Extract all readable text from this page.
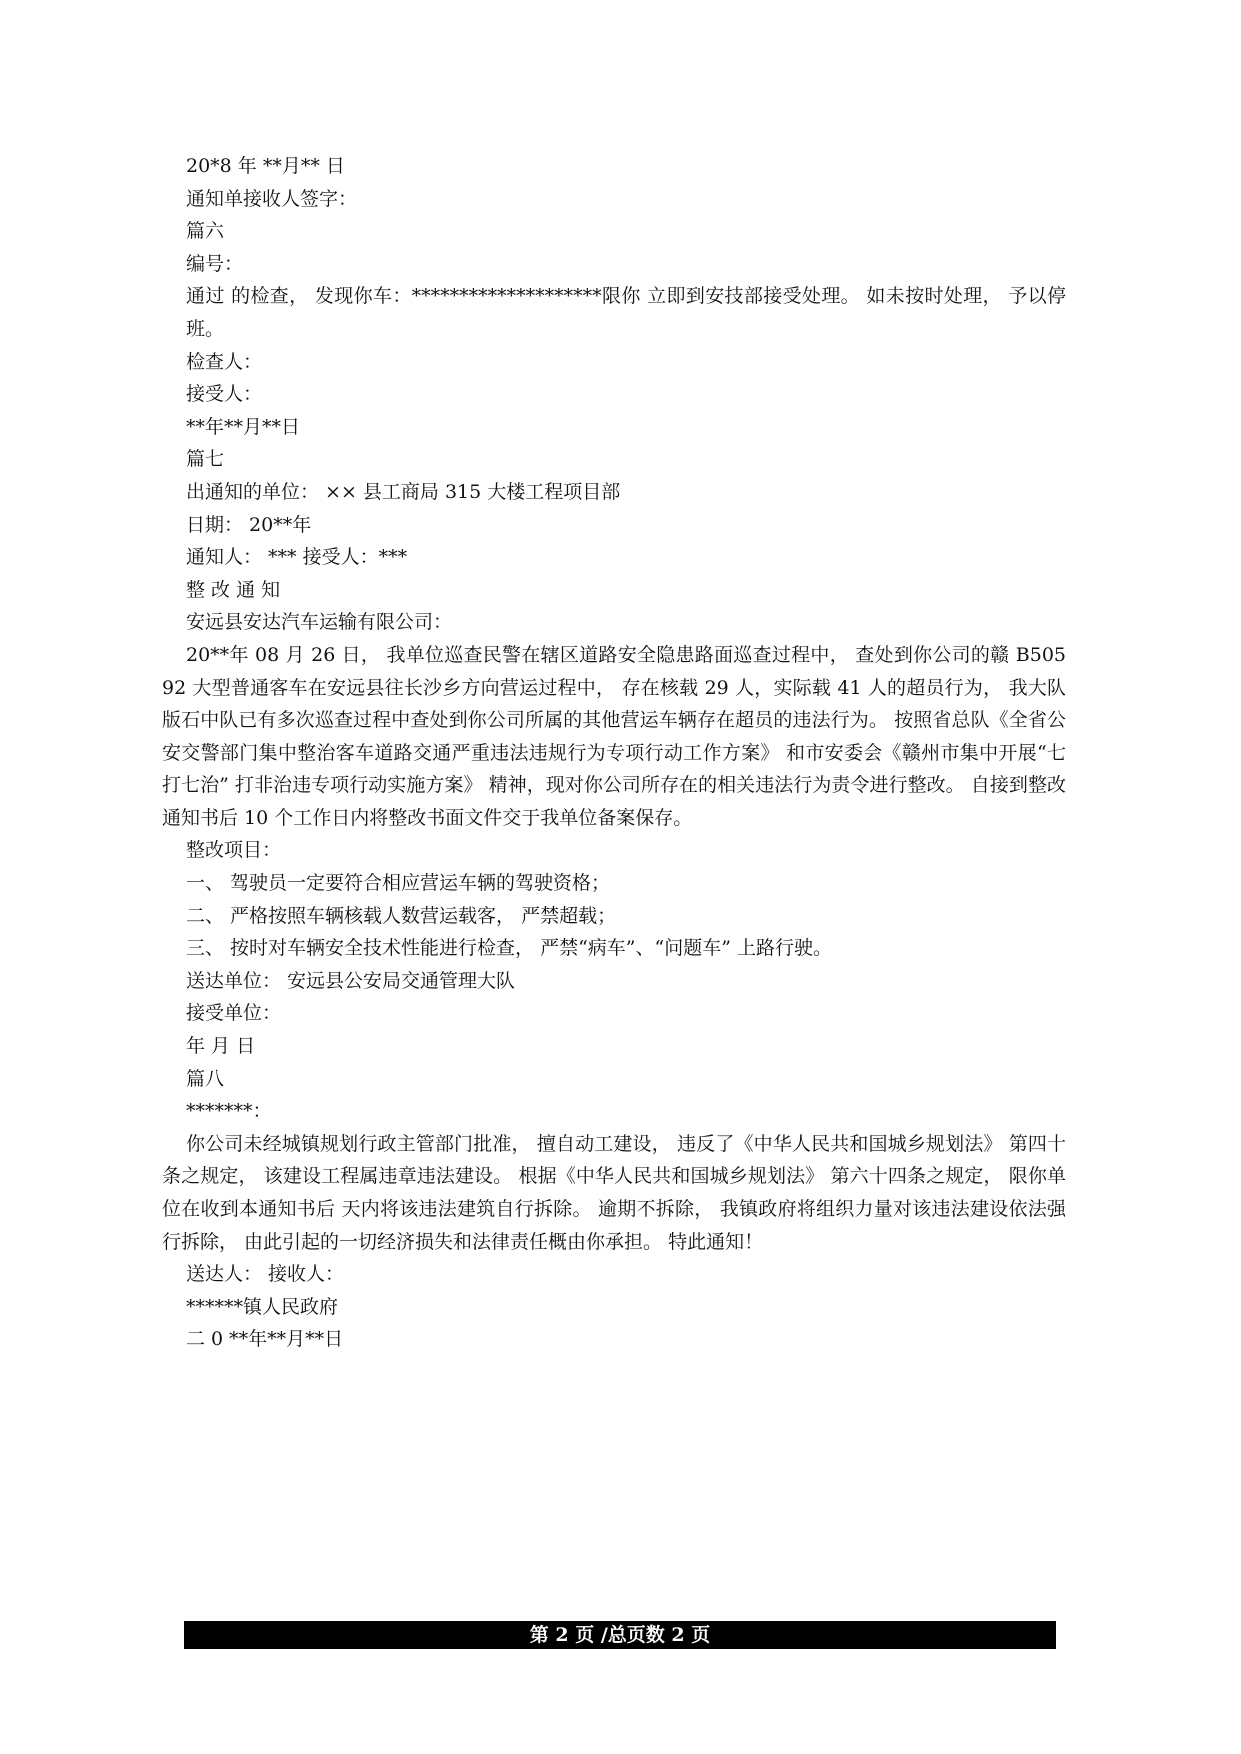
20*8 年 **月** 日
通知单接收人签字：
篇六
编号：

通过 的检查， 发现你车：********************限你 立即到安技部接受处理。 如未按时处理， 予以停班。

检查人：
接受人：
**年**月**日
篇七
出通知的单位： ×× 县工商局 315 大楼工程项目部
日期： 20**年
通知人： *** 接受人：***
整 改 通 知
安远县安达汽车运输有限公司：

20**年 08 月 26 日， 我单位巡查民警在辖区道路安全隐患路面巡查过程中， 查处到你公司的赣 B50592 大型普通客车在安远县往长沙乡方向营运过程中， 存在核载 29 人，实际载 41 人的超员行为， 我大队版石中队已有多次巡查过程中查处到你公司所属的其他营运车辆存在超员的违法行为。 按照省总队《全省公安交警部门集中整治客车道路交通严重违法违规行为专项行动工作方案》 和市安委会《赣州市集中开展“七打七治” 打非治违专项行动实施方案》 精神，现对你公司所存在的相关违法行为责令进行整改。 自接到整改通知书后 10 个工作日内将整改书面文件交于我单位备案保存。

整改项目：
一、 驾驶员一定要符合相应营运车辆的驾驶资格；
二、 严格按照车辆核载人数营运载客， 严禁超载；
三、 按时对车辆安全技术性能进行检查， 严禁“病车”、“问题车” 上路行驶。
送达单位： 安远县公安局交通管理大队
接受单位：
年 月 日
篇八
*******：

你公司未经城镇规划行政主管部门批准， 擅自动工建设， 违反了《中华人民共和国城乡规划法》 第四十条之规定， 该建设工程属违章违法建设。 根据《中华人民共和国城乡规划法》 第六十四条之规定， 限你单位在收到本通知书后 天内将该违法建筑自行拆除。 逾期不拆除， 我镇政府将组织力量对该违法建设依法强行拆除， 由此引起的一切经济损失和法律责任概由你承担。 特此通知！

送达人： 接收人：
******镇人民政府
二 0 **年**月**日
第 2 页 /总页数 2 页
